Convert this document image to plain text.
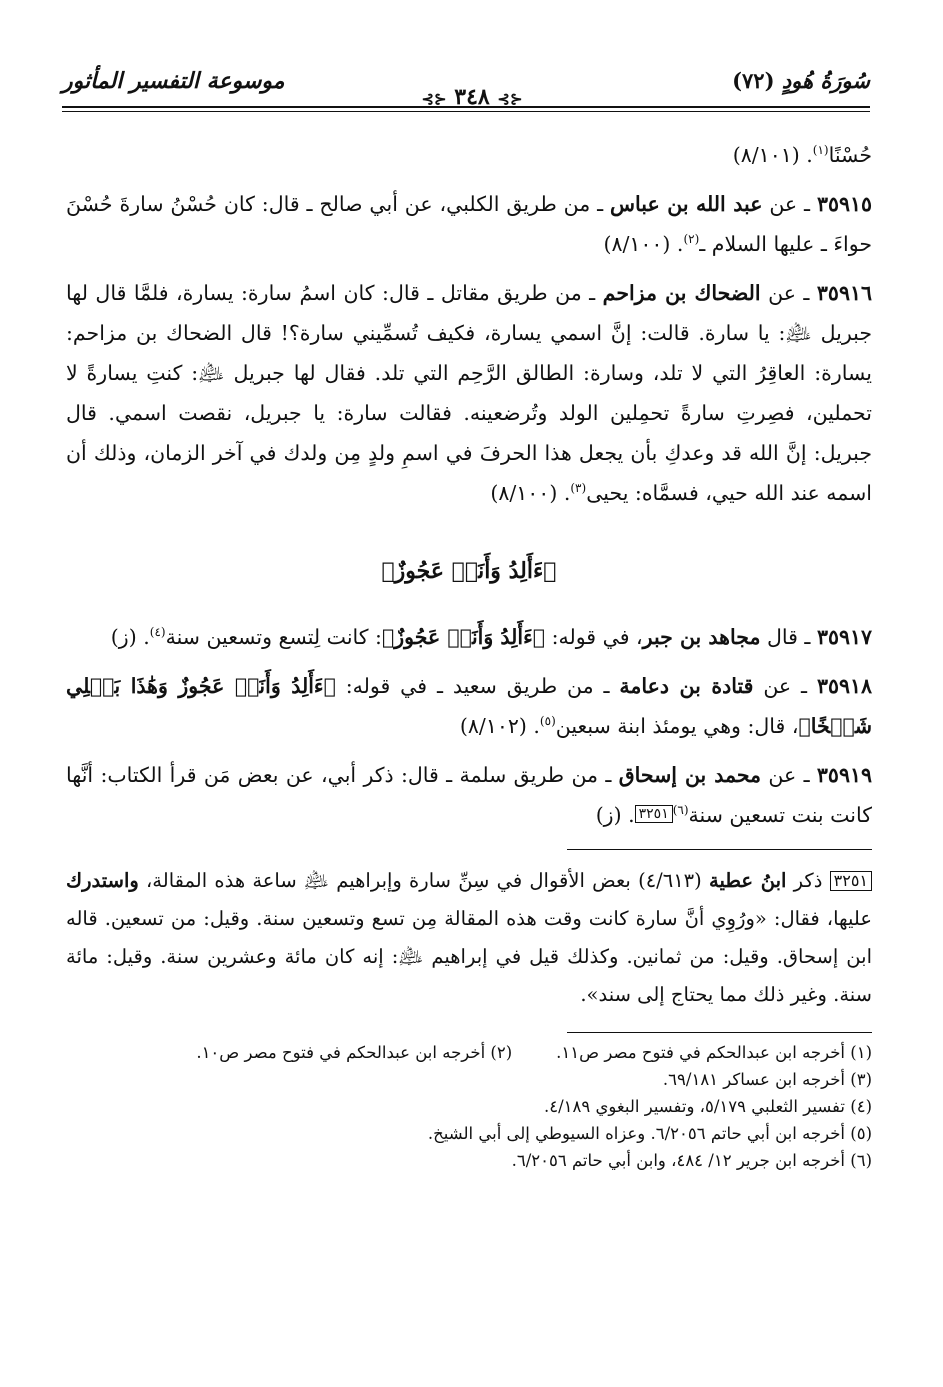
سُورَةُ هُودٍ (٧٢)
⊰⊱ ٣٤٨ ⊰⊱
موسوعة التفسير المأثور

حُسْنًا$^{(١)}$. (٨/١٠١)

٣٥٩١٥ ـ عن عبد الله بن عباس ـ من طريق الكلبي، عن أبي صالح ـ قال: كان حُسْنُ سارةَ حُسْنَ حواءَ ـ عليها السلام ـ$^{(٢)}$. (٨/١٠٠)

٣٥٩١٦ ـ عن الضحاك بن مزاحم ـ من طريق مقاتل ـ قال: كان اسمُ سارة: يسارة، فلمَّا قال لها جبريل ﵇: يا سارة. قالت: إنَّ اسمي يسارة، فكيف تُسمِّيني سارة؟! قال الضحاك بن مزاحم: يسارة: العاقِرُ التي لا تلد، وسارة: الطالق الرَّحِم التي تلد. فقال لها جبريل ﵇: كنتِ يسارةً لا تحملين، فصِرتِ سارةً تحمِلين الولد وتُرضعينه. فقالت سارة: يا جبريل، نقصت اسمي. قال جبريل: إنَّ الله قد وعدكِ بأن يجعل هذا الحرفَ في اسمِ ولدٍ مِن ولدك في آخر الزمان، وذلك أن اسمه عند الله حيي، فسمَّاه: يحيى$^{(٣)}$. (٨/١٠٠)

﴿ءَأَلِدُ وَأَنَا۠ عَجُوزٌ﴾

٣٥٩١٧ ـ قال مجاهد بن جبر، في قوله: ﴿ءَأَلِدُ وَأَنَا۠ عَجُوزٌ﴾: كانت لِتسع وتسعين سنة$^{(٤)}$. (ز)

٣٥٩١٨ ـ عن قتادة بن دعامة ـ من طريق سعيد ـ في قوله: ﴿ءَأَلِدُ وَأَنَا۠ عَجُوزٌ وَهَٰذَا بَعۡلِي شَيۡخًا﴾، قال: وهي يومئذ ابنة سبعين$^{(٥)}$. (٨/١٠٢)

٣٥٩١٩ ـ عن محمد بن إسحاق ـ من طريق سلمة ـ قال: ذكر أبي، عن بعض مَن قرأ الكتاب: أنَّها كانت بنت تسعين سنة$^{(٦)}$٣٢٥١. (ز)

٣٢٥١ ذكر ابنُ عطية (٤/٦١٣) بعض الأقوال في سِنِّ سارة وإبراهيم ﵇ ساعة هذه المقالة، واستدرك عليها، فقال: «ورُوِي أنَّ سارة كانت وقت هذه المقالة مِن تسع وتسعين سنة. وقيل: من تسعين. قاله ابن إسحاق. وقيل: من ثمانين. وكذلك قيل في إبراهيم ﵇: إنه كان مائة وعشرين سنة. وقيل: مائة سنة. وغير ذلك مما يحتاج إلى سند».

(١) أخرجه ابن عبدالحكم في فتوح مصر ص١١.(٢) أخرجه ابن عبدالحكم في فتوح مصر ص١٠.

(٣) أخرجه ابن عساكر ٦٩/١٨١.

(٤) تفسير الثعلبي ٥/١٧٩، وتفسير البغوي ٤/١٨٩.

(٥) أخرجه ابن أبي حاتم ٦/٢٠٥٦. وعزاه السيوطي إلى أبي الشيخ.

(٦) أخرجه ابن جرير ١٢/ ٤٨٤، وابن أبي حاتم ٦/٢٠٥٦.
